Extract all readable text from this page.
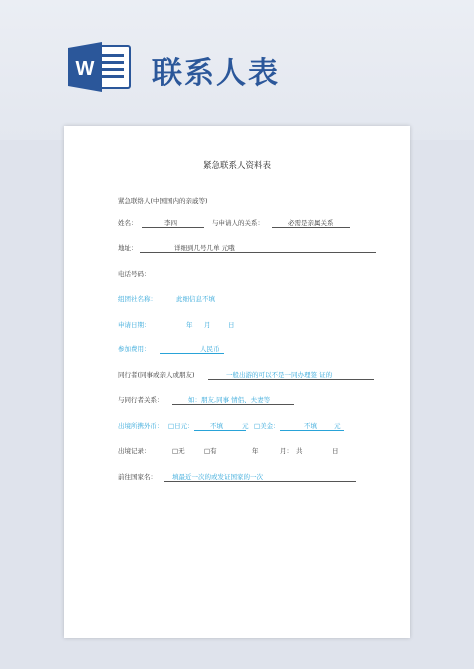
W 联系人表
紧急联系人资料表
紧急联络人(中国国内的亲戚等)
姓名：	李四	与申请人的关系：	必需是亲属关系
地址：	详细到几号几单 元哦
电话号码：
组团社名称：	此细信息不填
申请日期：	年 月	日
参加费用：	人民币
同行者(同事或亲人或朋友)	一般出游的可以不是一同办理签 证的
与同行者关系：	如：朋友,同事 情侣、夫妻等
出境所携外币： □日元：	不填	元 □美金：	不填	元
出境记录：	□无	□有	年	月： 共	日
前往国家名： 填最近一次的或发证国家的一次
